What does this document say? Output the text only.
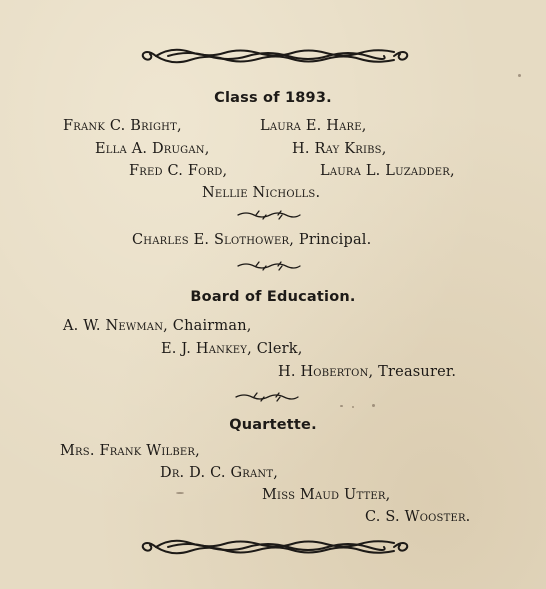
Class of 1893.
Frank C. Bright,	Laura E. Hare,
Ella A. Drugan,	H. Ray Kribs,
Fred C. Ford,	Laura L. Luzadder,
Nellie Nicholls.
Charles E. Slothower, Principal.
Board of Education.
A. W. Newman, Chairman,
E. J. Hankey, Clerk,
H. Hoberton, Treasurer.
Quartette.
Mrs. Frank Wilber,
Dr. D. C. Grant,
Miss Maud Utter,
C. S. Wooster.
